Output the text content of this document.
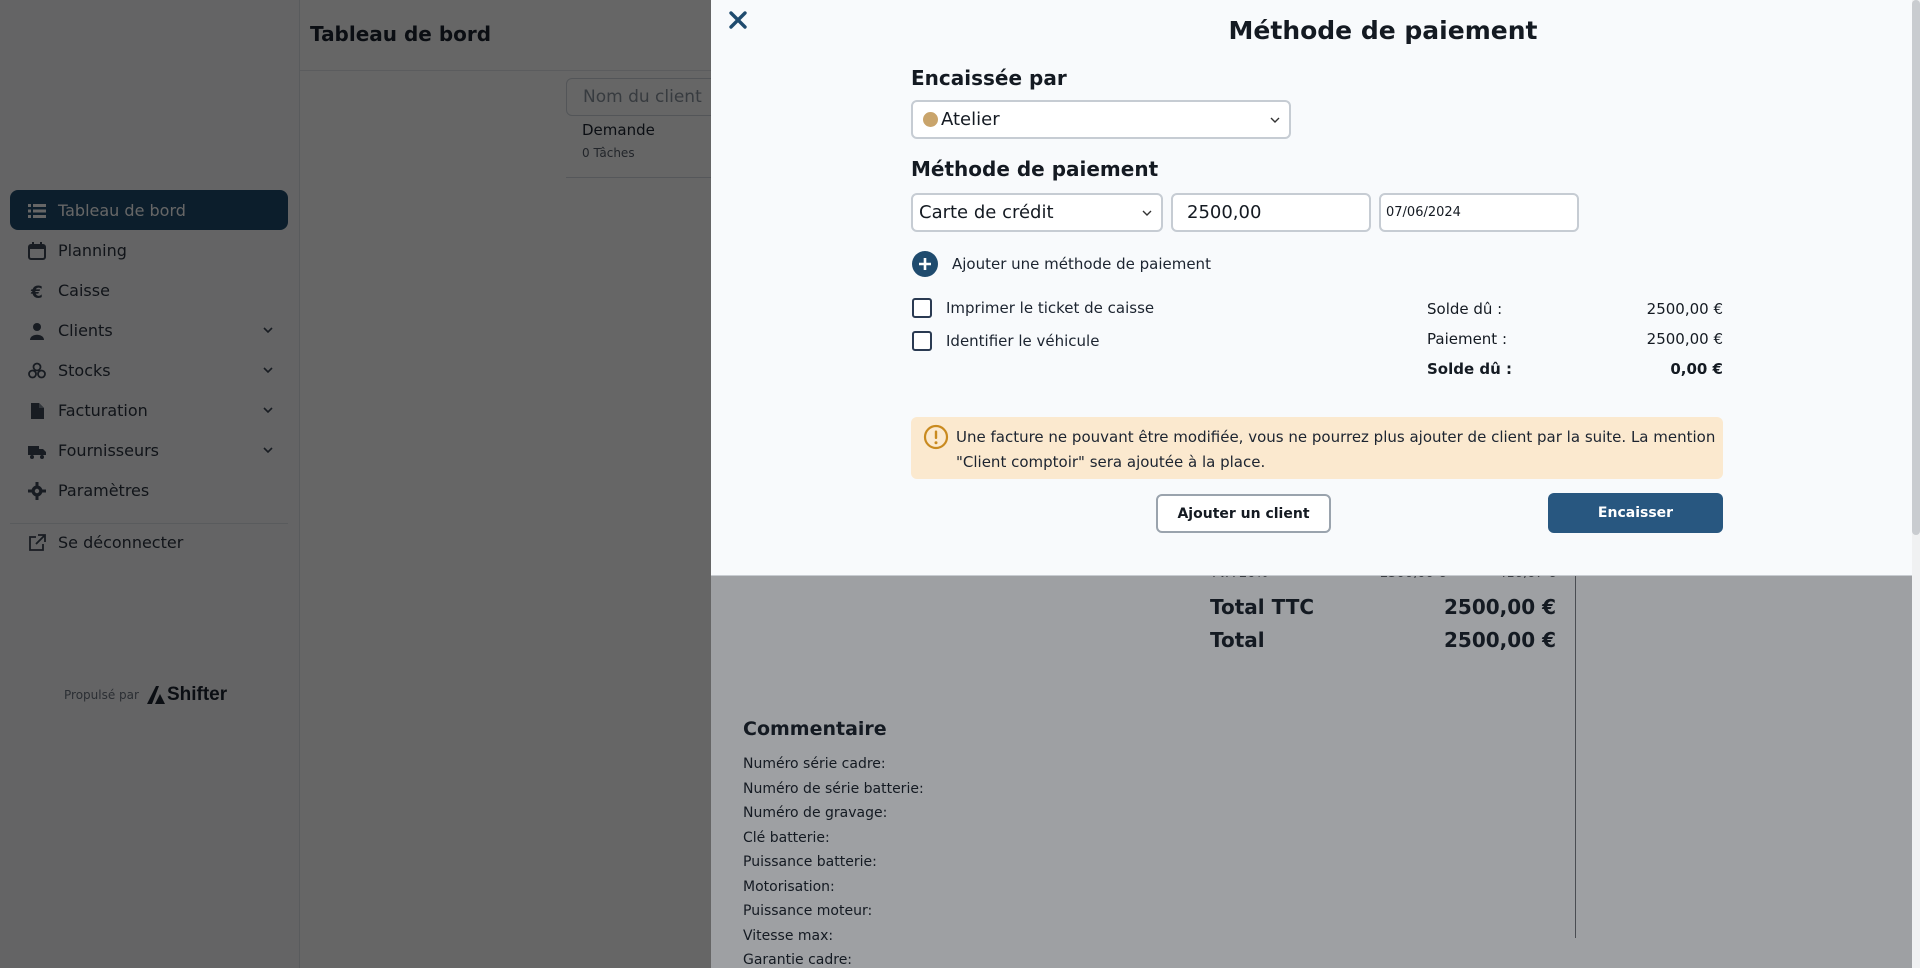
Total TTC	2500,00 €
Total	2500,00 €
Commentaire
Numéro série cadre:
Numéro de série batterie:
Numéro de gravage:
Clé batterie:
Puissance batterie:
Motorisation:
Puissance moteur:
Vitesse max:
Garantie cadre:
Méthode de paiement
Encaissée par
Atelier
Méthode de paiement
Carte de crédit	2500,00	07/06/2024
Ajouter une méthode de paiement
Imprimer le ticket de caisse
Identifier le véhicule
Solde dû :	2500,00 €
Paiement :	2500,00 €
Solde dû :	0,00 €
Une facture ne pouvant être modifiée, vous ne pourrez plus ajouter de client par la suite. La mention "Client comptoir" sera ajoutée à la place.
Ajouter un client	Encaisser
